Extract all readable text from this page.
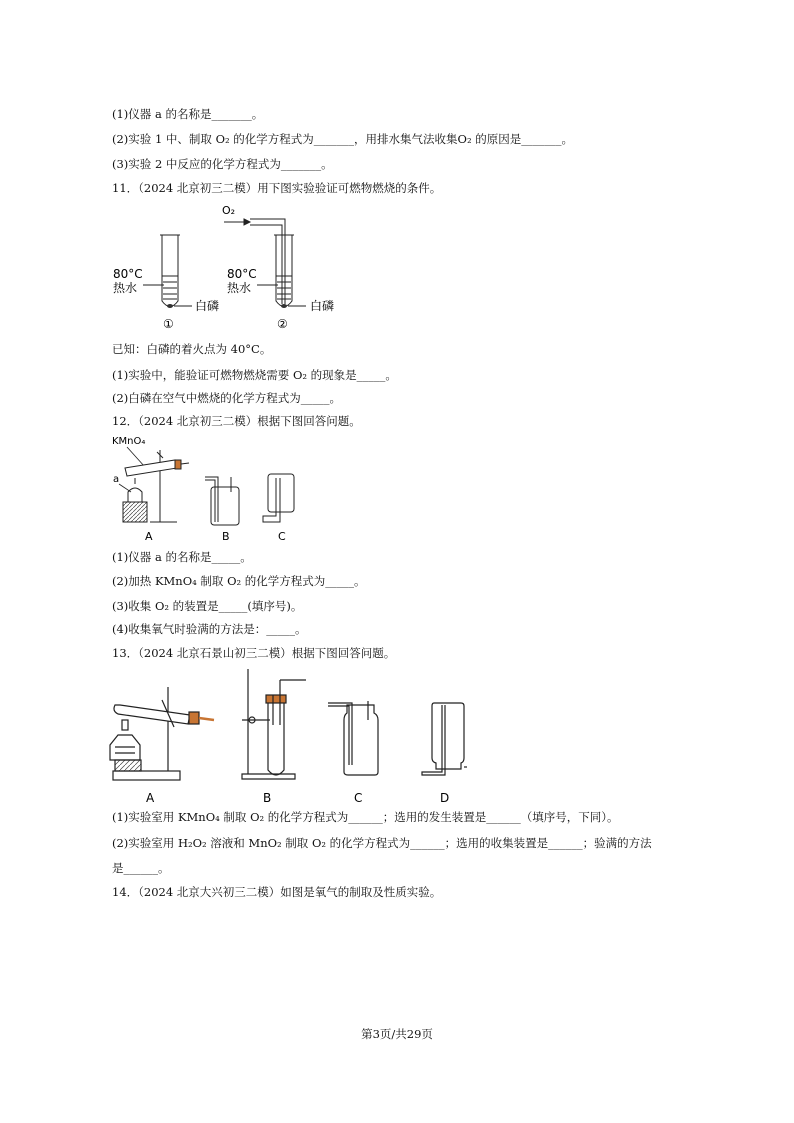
(1)仪器 a 的名称是_______。
(2)实验 1 中、制取 O₂ 的化学方程式为_______，用排水集气法收集O₂ 的原因是_______。
(3)实验 2 中反应的化学方程式为_______。
11．（2024 北京初三二模）用下图实验验证可燃物燃烧的条件。
80°C
热水
白磷
①
O₂
80°C
热水
白磷
②
已知：白磷的着火点为 40°C。
(1)实验中，能验证可燃物燃烧需要 O₂ 的现象是_____。
(2)白磷在空气中燃烧的化学方程式为_____。
12．（2024 北京初三二模）根据下图回答问题。
KMnO₄
a
A	B	C
(1)仪器 a 的名称是_____。
(2)加热 KMnO₄ 制取 O₂ 的化学方程式为_____。
(3)收集 O₂ 的装置是_____(填序号)。
(4)收集氧气时验满的方法是：_____。
13．（2024 北京石景山初三二模）根据下图回答问题。
A	B	C	D
(1)实验室用 KMnO₄ 制取 O₂ 的化学方程式为______；选用的发生装置是______（填序号，下同）。
(2)实验室用 H₂O₂ 溶液和 MnO₂ 制取 O₂ 的化学方程式为______；选用的收集装置是______；验满的方法
是______。
14．（2024 北京大兴初三二模）如图是氧气的制取及性质实验。
第3页/共29页
